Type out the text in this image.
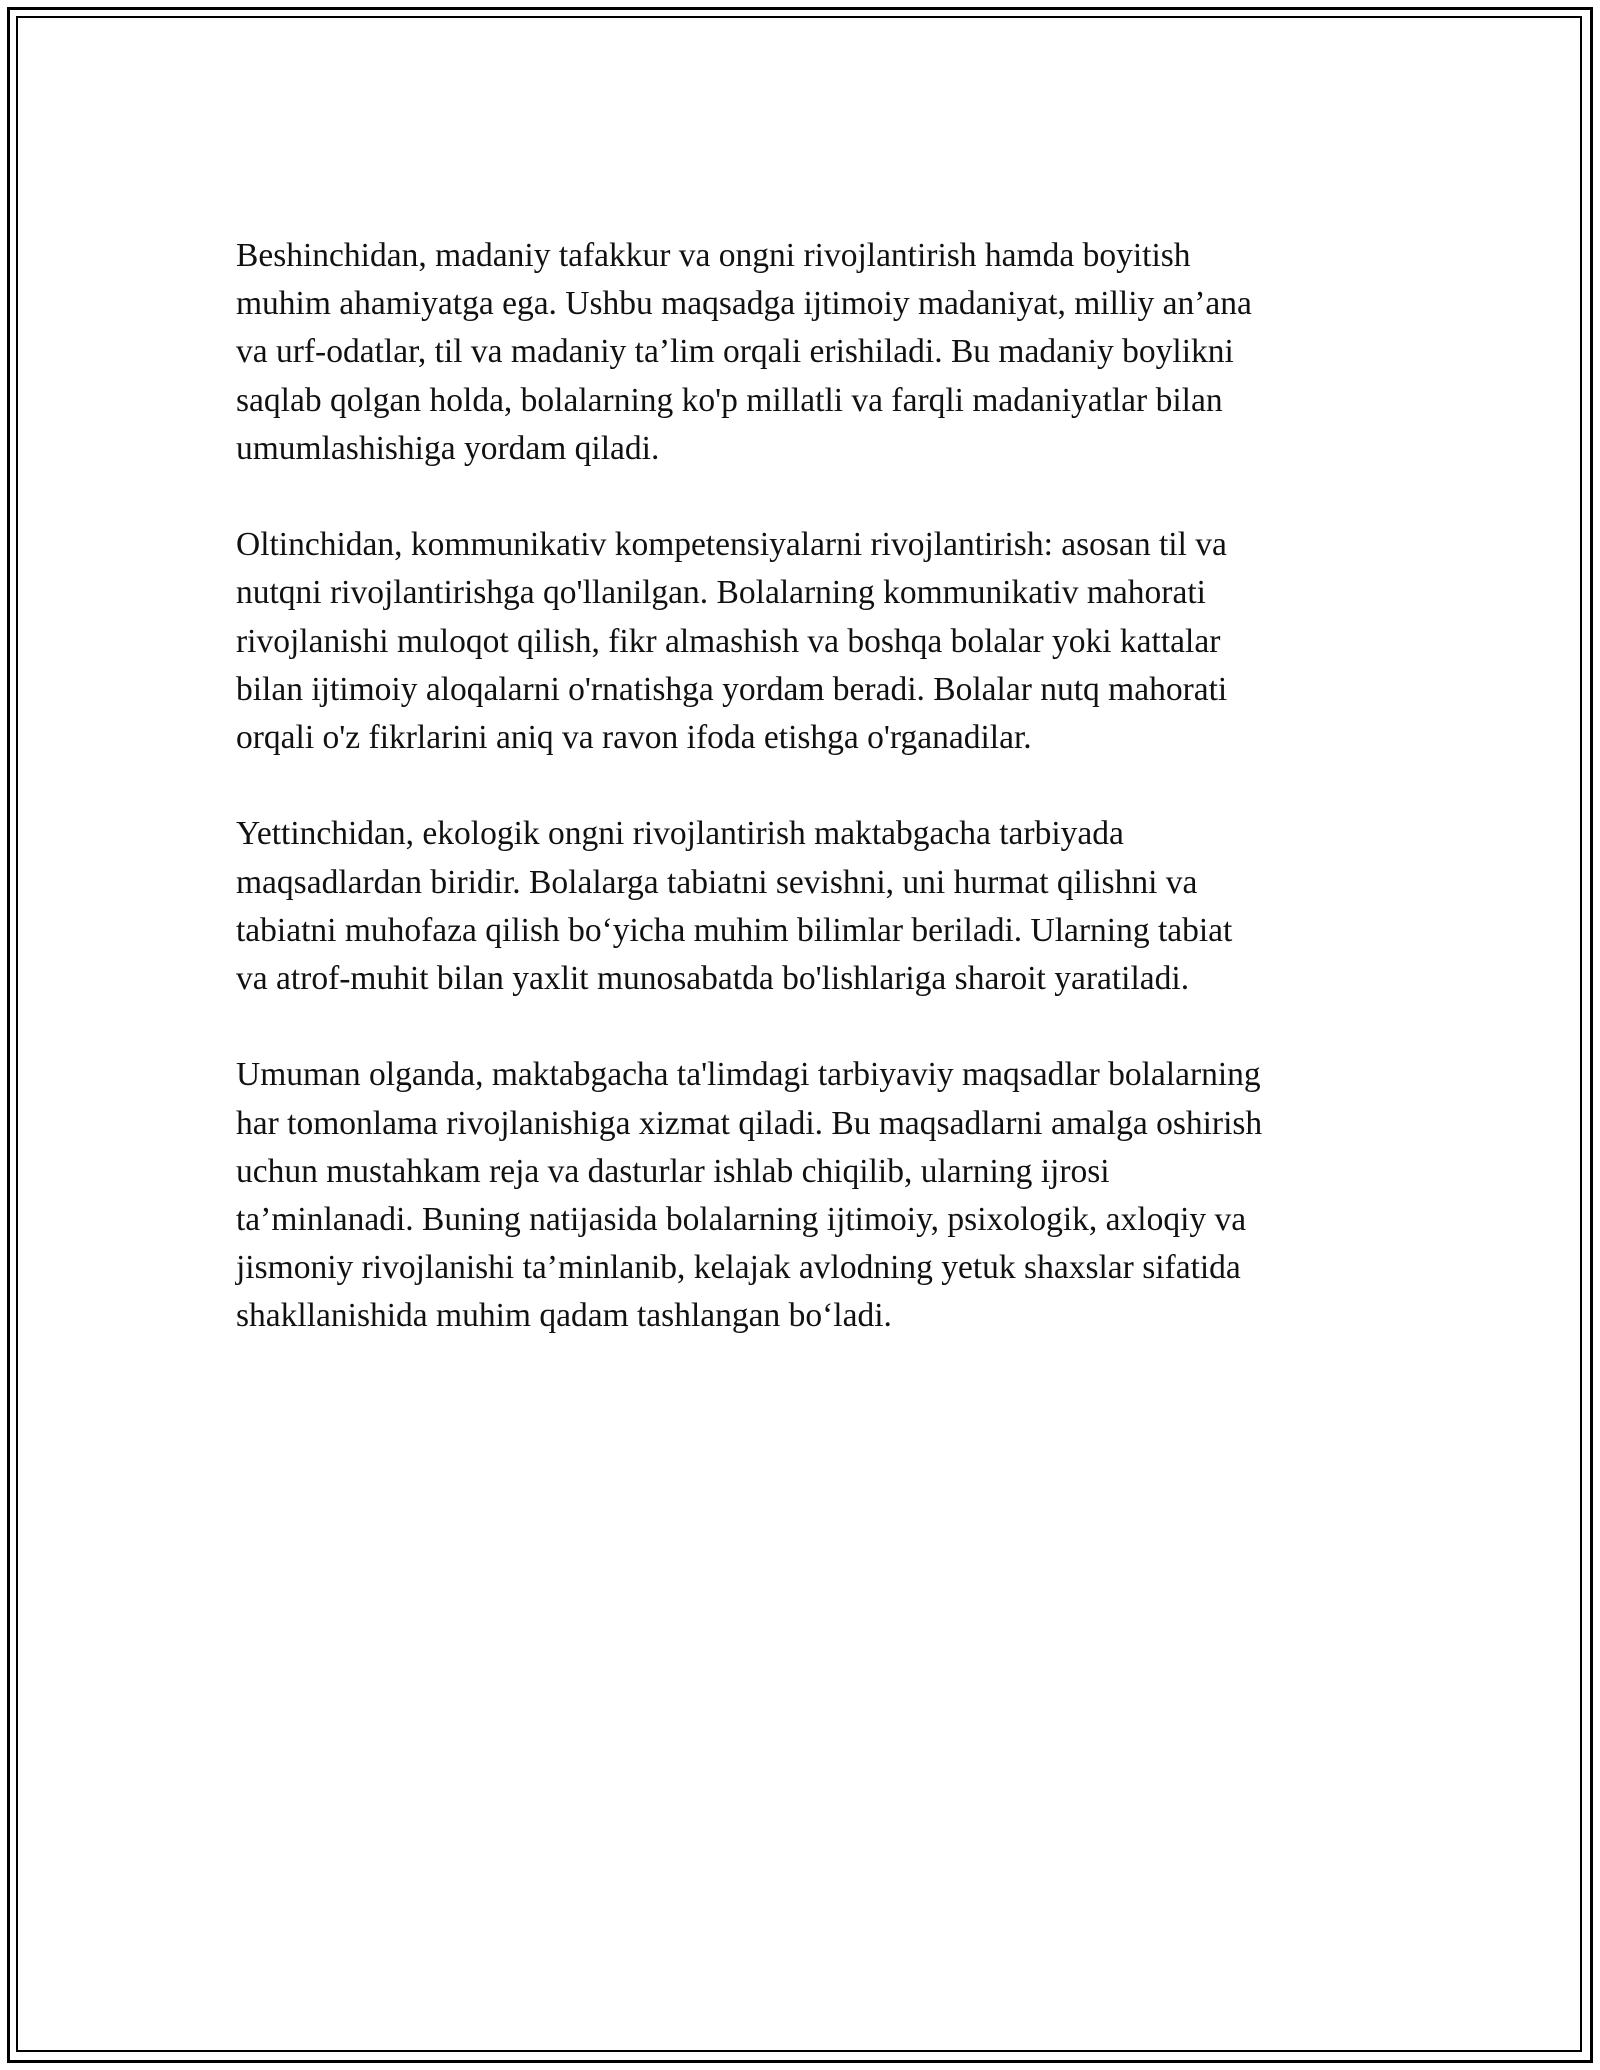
Beshinchidan, madaniy tafakkur va ongni rivojlantirish hamda boyitish
muhim ahamiyatga ega. Ushbu maqsadga ijtimoiy madaniyat, milliy an’ana
va urf-odatlar, til va madaniy ta’lim orqali erishiladi. Bu madaniy boylikni
saqlab qolgan holda, bolalarning ko'p millatli va farqli madaniyatlar bilan
umumlashishiga yordam qiladi.

Oltinchidan, kommunikativ kompetensiyalarni rivojlantirish: asosan til va
nutqni rivojlantirishga qo'llanilgan. Bolalarning kommunikativ mahorati
rivojlanishi muloqot qilish, fikr almashish va boshqa bolalar yoki kattalar
bilan ijtimoiy aloqalarni o'rnatishga yordam beradi. Bolalar nutq mahorati
orqali o'z fikrlarini aniq va ravon ifoda etishga o'rganadilar.

Yettinchidan, ekologik ongni rivojlantirish maktabgacha tarbiyada
maqsadlardan biridir. Bolalarga tabiatni sevishni, uni hurmat qilishni va
tabiatni muhofaza qilish bo‘yicha muhim bilimlar beriladi. Ularning tabiat
va atrof-muhit bilan yaxlit munosabatda bo'lishlariga sharoit yaratiladi.

Umuman olganda, maktabgacha ta'limdagi tarbiyaviy maqsadlar bolalarning
har tomonlama rivojlanishiga xizmat qiladi. Bu maqsadlarni amalga oshirish
uchun mustahkam reja va dasturlar ishlab chiqilib, ularning ijrosi
ta’minlanadi. Buning natijasida bolalarning ijtimoiy, psixologik, axloqiy va
jismoniy rivojlanishi ta’minlanib, kelajak avlodning yetuk shaxslar sifatida
shakllanishida muhim qadam tashlangan bo‘ladi.
